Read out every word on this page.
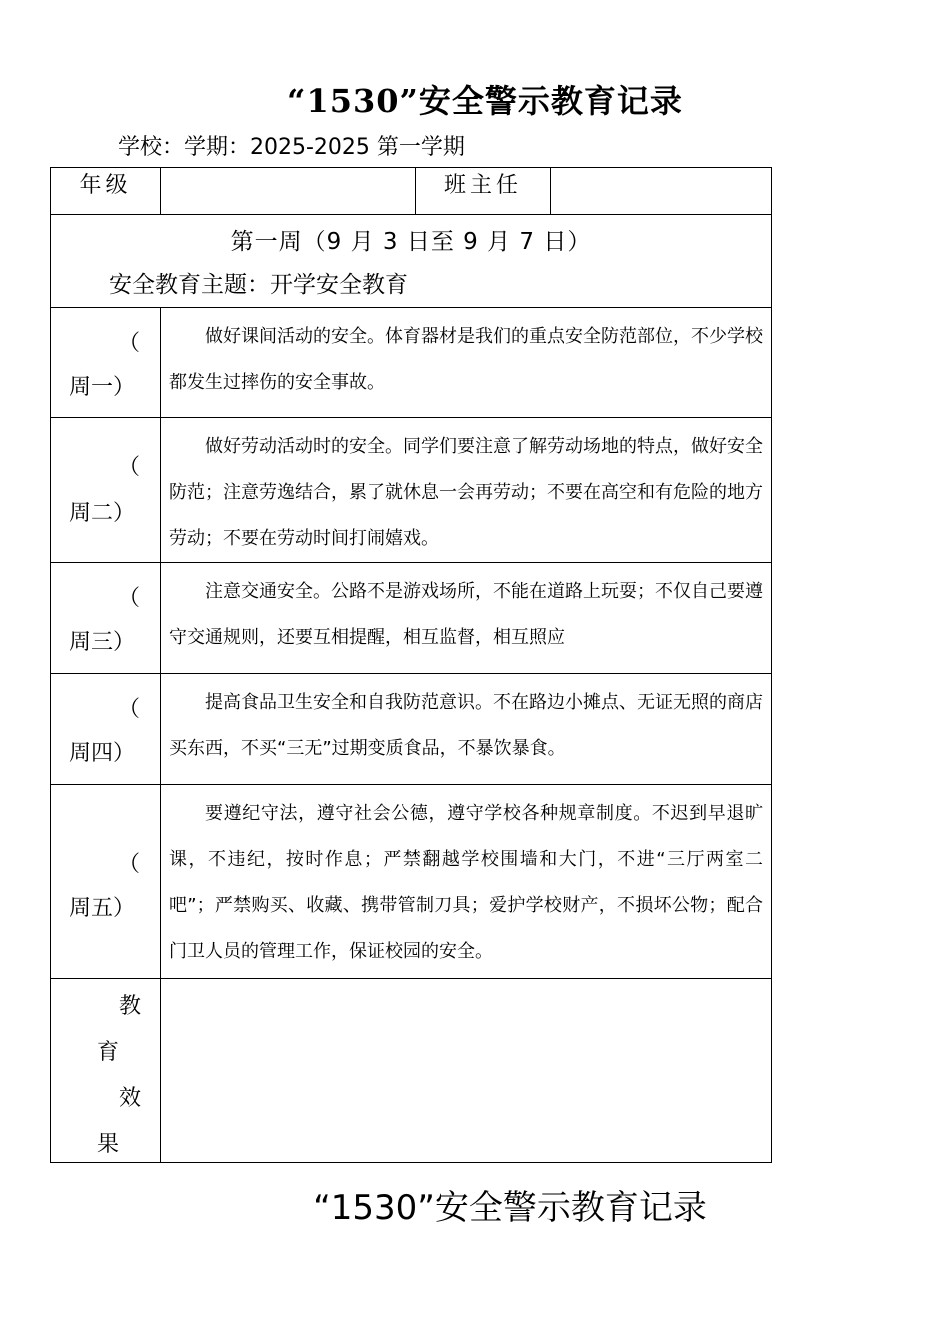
“1530”安全警示教育记录
学校：学期：2025-2025 第一学期
年级		班主任	

第一周（9 月 3 日至 9 月 7 日）
安全教育主题：开学安全教育			

（
周一）	做好课间活动的安全。体育器材是我们的重点安全防范部位，不少学校都发生过摔伤的安全事故。		

（
周二）	做好劳动活动时的安全。同学们要注意了解劳动场地的特点，做好安全防范；注意劳逸结合，累了就休息一会再劳动；不要在高空和有危险的地方劳动；不要在劳动时间打闹嬉戏。		

（
周三）	注意交通安全。公路不是游戏场所，不能在道路上玩耍；不仅自己要遵守交通规则，还要互相提醒，相互监督，相互照应		

（
周四）	提高食品卫生安全和自我防范意识。不在路边小摊点、无证无照的商店买东西，不买“三无”过期变质食品，不暴饮暴食。		

（
周五）	要遵纪守法，遵守社会公德，遵守学校各种规章制度。不迟到早退旷课，不违纪，按时作息；严禁翻越学校围墙和大门，不进“三厅两室二吧”；严禁购买、收藏、携带管制刀具；爱护学校财产，不损坏公物；配合门卫人员的管理工作，保证校园的安全。		

教
育
效
果			

“1530”安全警示教育记录
